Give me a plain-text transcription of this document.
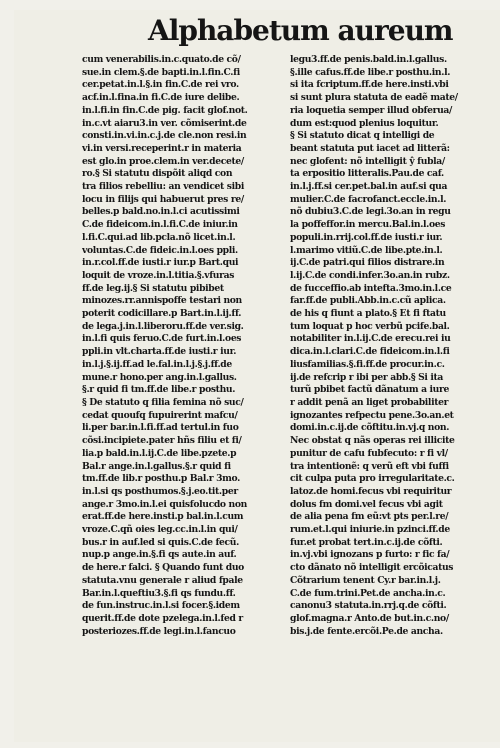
Alphabetum aureum
cum venerabilis.in.c.quato.de cõ/
sue.in clem.§.de bapti.in.l.fin.C.fi
cer.petat.in.l.§.in fin.C.de rei vro.
acf.in.l.fina.in fi.C.de iure delibe.
in.l.fi.in fin.C.de pig. facit glof.not.
in.c.vt aiaru3.in ver. cõmiserint.de
consti.in.vi.in.c.j.de cle.non resi.in
vi.in versi.receperint.r in materia
est glo.in proe.clem.in ver.decete/
ro.§ Si statutu dispõit aliqd con
tra filios rebelliu: an vendicet sibi
locu in filijs qui habuerut pres re/
belles.p bald.no.in.l.ci acutissimi
C.de fideicom.in.l.fi.C.de iniur.in
l.fi.C.qui.ad lib.pcla.nõ licet.in.l.
voluntas.C.de fideic.in.l.oes ppli.
in.r.col.ff.de iusti.r iur.p Bart.qui
loquit de vroze.in.l.titia.§.vfuras
ff.de leg.ij.§ Si statutu pibibet
minozes.rr.annispoffe testari non
poterit codicillare.p Bart.in.l.ij.ff.
de lega.j.in.l.liberoru.ff.de ver.sig.
in.l.fi quis feruo.C.de furt.in.l.oes
ppli.in vlt.charta.ff.de iusti.r iur.
in.l.j.§.ij.ff.ad le.fal.in.l.j.§.j.ff.de
mune.r hono.per ang.in.l.gallus.
§.r quid fi tm.ff.de libe.r posthu.
§ De statuto q filia femina nõ suc/
cedat quoufq fupuirerint mafcu/
li.per bar.in.l.fi.ff.ad tertul.in fuo
cõsi.incipiete.pater hñs filiu et fi/
lia.p bald.in.l.ij.C.de libe.pzete.p
Bal.r ange.in.l.gallus.§.r quid fi
tm.ff.de lib.r posthu.p Bal.r 3mo.
in.l.si qs posthumos.§.j.eo.tit.per
ange.r 3mo.in.l.ei quisfolucdo non
erat.ff.de here.insti.p bal.in.l.cum
vroze.C.qñ oies leg.cc.in.l.in qui/
bus.r in auf.led si quis.C.de fecũ.
nup.p ange.in.§.fi qs aute.in auf.
de here.r falci. § Quando funt duo
statuta.vnu generale r aliud fpale
Bar.in.l.queftiu3.§.fi qs fundu.ff.
de fun.instruc.in.l.si focer.§.idem
querit.ff.de dote pzelega.in.l.fed r
posteriozes.ff.de legi.in.l.fancuo
legu3.ff.de penis.bald.in.l.gallus.
§.ille cafus.ff.de libe.r posthu.in.l.
si ita fcriptum.ff.de here.insti.vbi
si sunt plura statuta de eadẽ mate/
ria loquetia semper illud obferua/
dum est:quod plenius loquitur.
§ Si statuto dicat q intelligi de
beant statuta put iacet ad litterã:
nec glofent: nõ intelligit ŷ fubla/
ta erpositio litteralis.Pau.de caf.
in.l.j.ff.si cer.pet.bal.in auf.si qua
mulier.C.de facrofanct.eccle.in.l.
nõ dubiu3.C.de legi.3o.an in regu
la poffeffor.in mercu.Bal.in.l.oes
populi.in.rrij.col.ff.de iusti.r iur.
l.marimo vitiũ.C.de libe.pte.in.l.
ij.C.de patri.qui filios distrare.in
l.ij.C.de condi.infer.3o.an.in rubz.
de fucceffio.ab intefta.3mo.in.l.ce
far.ff.de publi.Abb.in.c.cũ aplica.
de his q fiunt a plato.§ Et fi ftatu
tum loquat p hoc verbũ pcife.bal.
notabiliter in.l.ij.C.de erecu.rei iu
dica.in.l.clari.C.de fideicom.in.l.fi
liusfamilias.§.fi.ff.de procur.in.c.
ij.de refcrip r ibi per abb.§ Si ita
turũ pbibet factũ dãnatum a iure
r addit penã an liget probabiliter
ignozantes refpectu pene.3o.an.et
domi.in.c.ij.de cõftitu.in.vj.q non.
Nec obstat q nãs operas rei illicite
punitur de cafu fubfecuto: r fi vl/
tra intentionẽ: q verũ eft vbi fuffi
cit culpa puta pro irregularitate.c.
latoz.de homi.fecus vbi requiritur
dolus fm domi.vel fecus vbi agit
de alia pena fm eũ:vt pts per.l.re/
rum.et.l.qui iniurie.in pzinci.ff.de
fur.et probat tert.in.c.ij.de cõfti.
in.vj.vbi ignozans p furto: r fic fa/
cto dãnato nõ intelligit ercõicatus
Cõtrarium tenent Cy.r bar.in.l.j.
C.de fum.trini.Pet.de ancha.in.c.
canonu3 statuta.in.rrj.q.de cõfti.
glof.magna.r Anto.de but.in.c.no/
bis.j.de fente.ercõi.Pe.de ancha.
